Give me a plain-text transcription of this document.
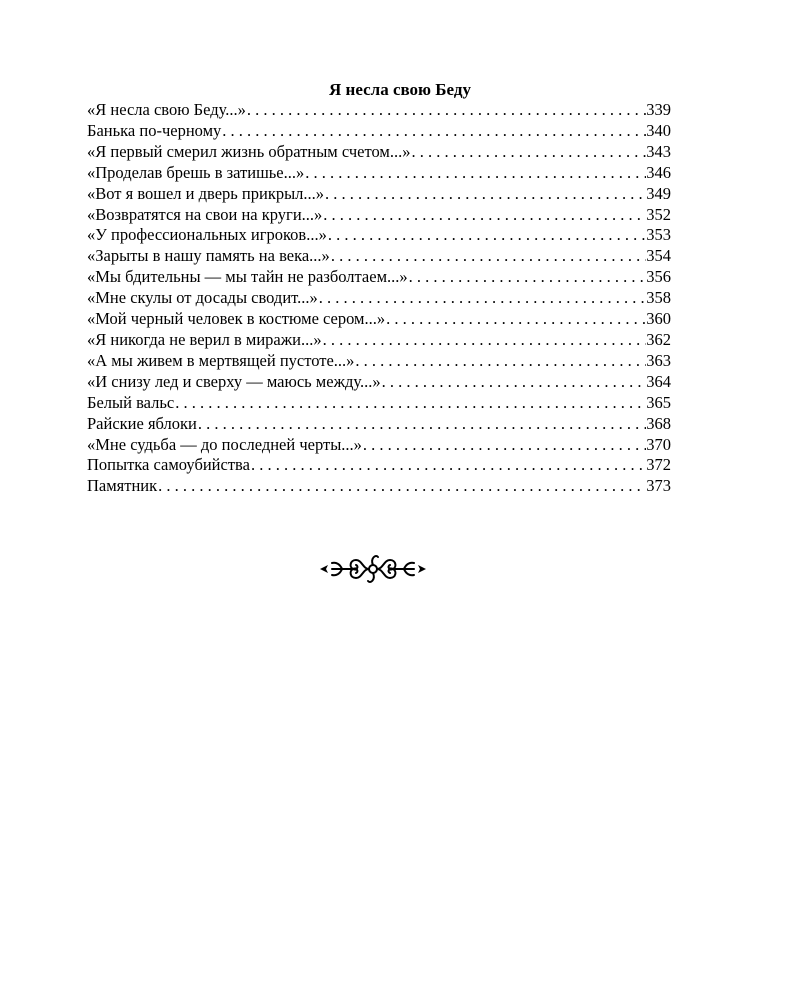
Я несла свою Беду
«Я несла свою Беду...» . . .	339
Банька по-черному . . .	340
«Я первый смерил жизнь обратным счетом...» . . .	343
«Проделав брешь в затишье...» . . .	346
«Вот я вошел и дверь прикрыл...» . . .	349
«Возвратятся на свои на круги...» . . .	352
«У профессиональных игроков...» . . .	353
«Зарыты в нашу память на века...» . . .	354
«Мы бдительны — мы тайн не разболтаем...» . . .	356
«Мне скулы от досады сводит...» . . .	358
«Мой черный человек в костюме сером...» . . .	360
«Я никогда не верил в миражи...» . . .	362
«А мы живем в мертвящей пустоте...» . . .	363
«И снизу лед и сверху — маюсь между...» . . .	364
Белый вальс . . .	365
Райские яблоки . . .	368
«Мне судьба — до последней черты...» . . .	370
Попытка самоубийства . . .	372
Памятник . . .	373
